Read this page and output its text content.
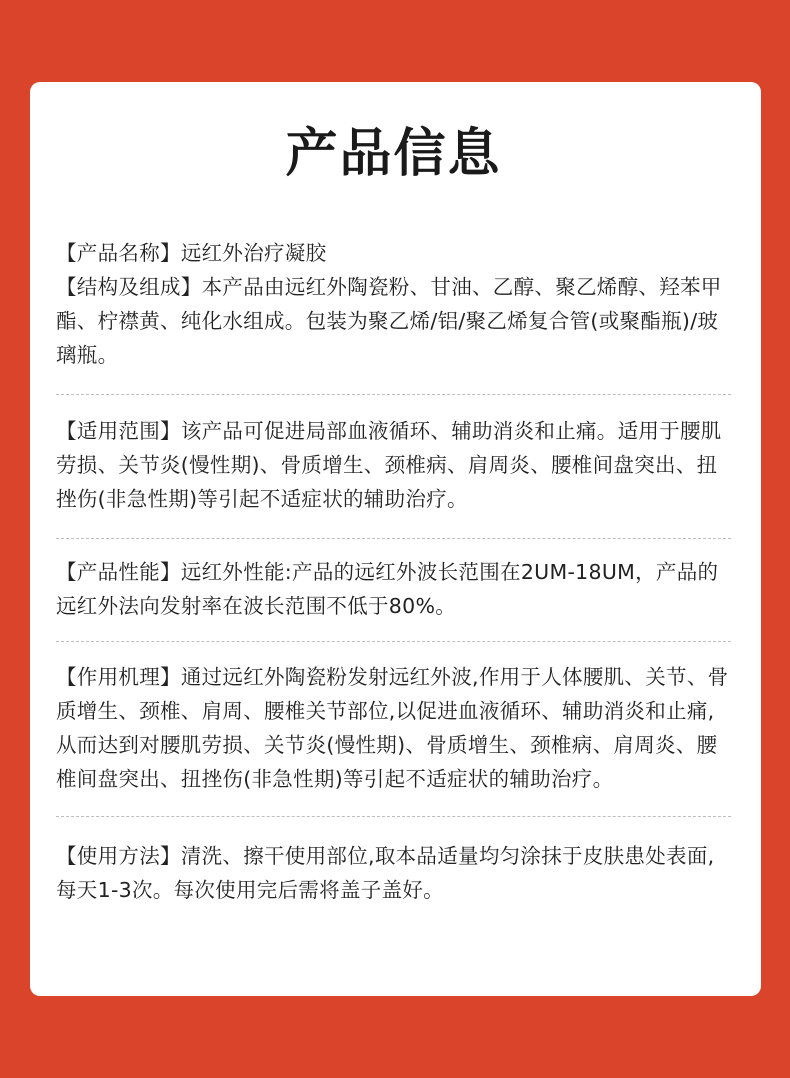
产品信息

【产品名称】远红外治疗凝胶

【结构及组成】本产品由远红外陶瓷粉、甘油、乙醇、聚乙烯醇、羟苯甲酯、柠襟黄、纯化水组成。包装为聚乙烯/铝/聚乙烯复合管(或聚酯瓶)/玻璃瓶。

【适用范围】该产品可促进局部血液循环、辅助消炎和止痛。适用于腰肌劳损、关节炎(慢性期)、骨质增生、颈椎病、肩周炎、腰椎间盘突出、扭挫伤(非急性期)等引起不适症状的辅助治疗。

【产品性能】远红外性能:产品的远红外波长范围在2UM-18UM，产品的远红外法向发射率在波长范围不低于80%。

【作用机理】通过远红外陶瓷粉发射远红外波,作用于人体腰肌、关节、骨质增生、颈椎、肩周、腰椎关节部位,以促进血液循环、辅助消炎和止痛,从而达到对腰肌劳损、关节炎(慢性期)、骨质增生、颈椎病、肩周炎、腰椎间盘突出、扭挫伤(非急性期)等引起不适症状的辅助治疗。

【使用方法】清洗、擦干使用部位,取本品适量均匀涂抹于皮肤患处表面,每天1-3次。每次使用完后需将盖子盖好。
